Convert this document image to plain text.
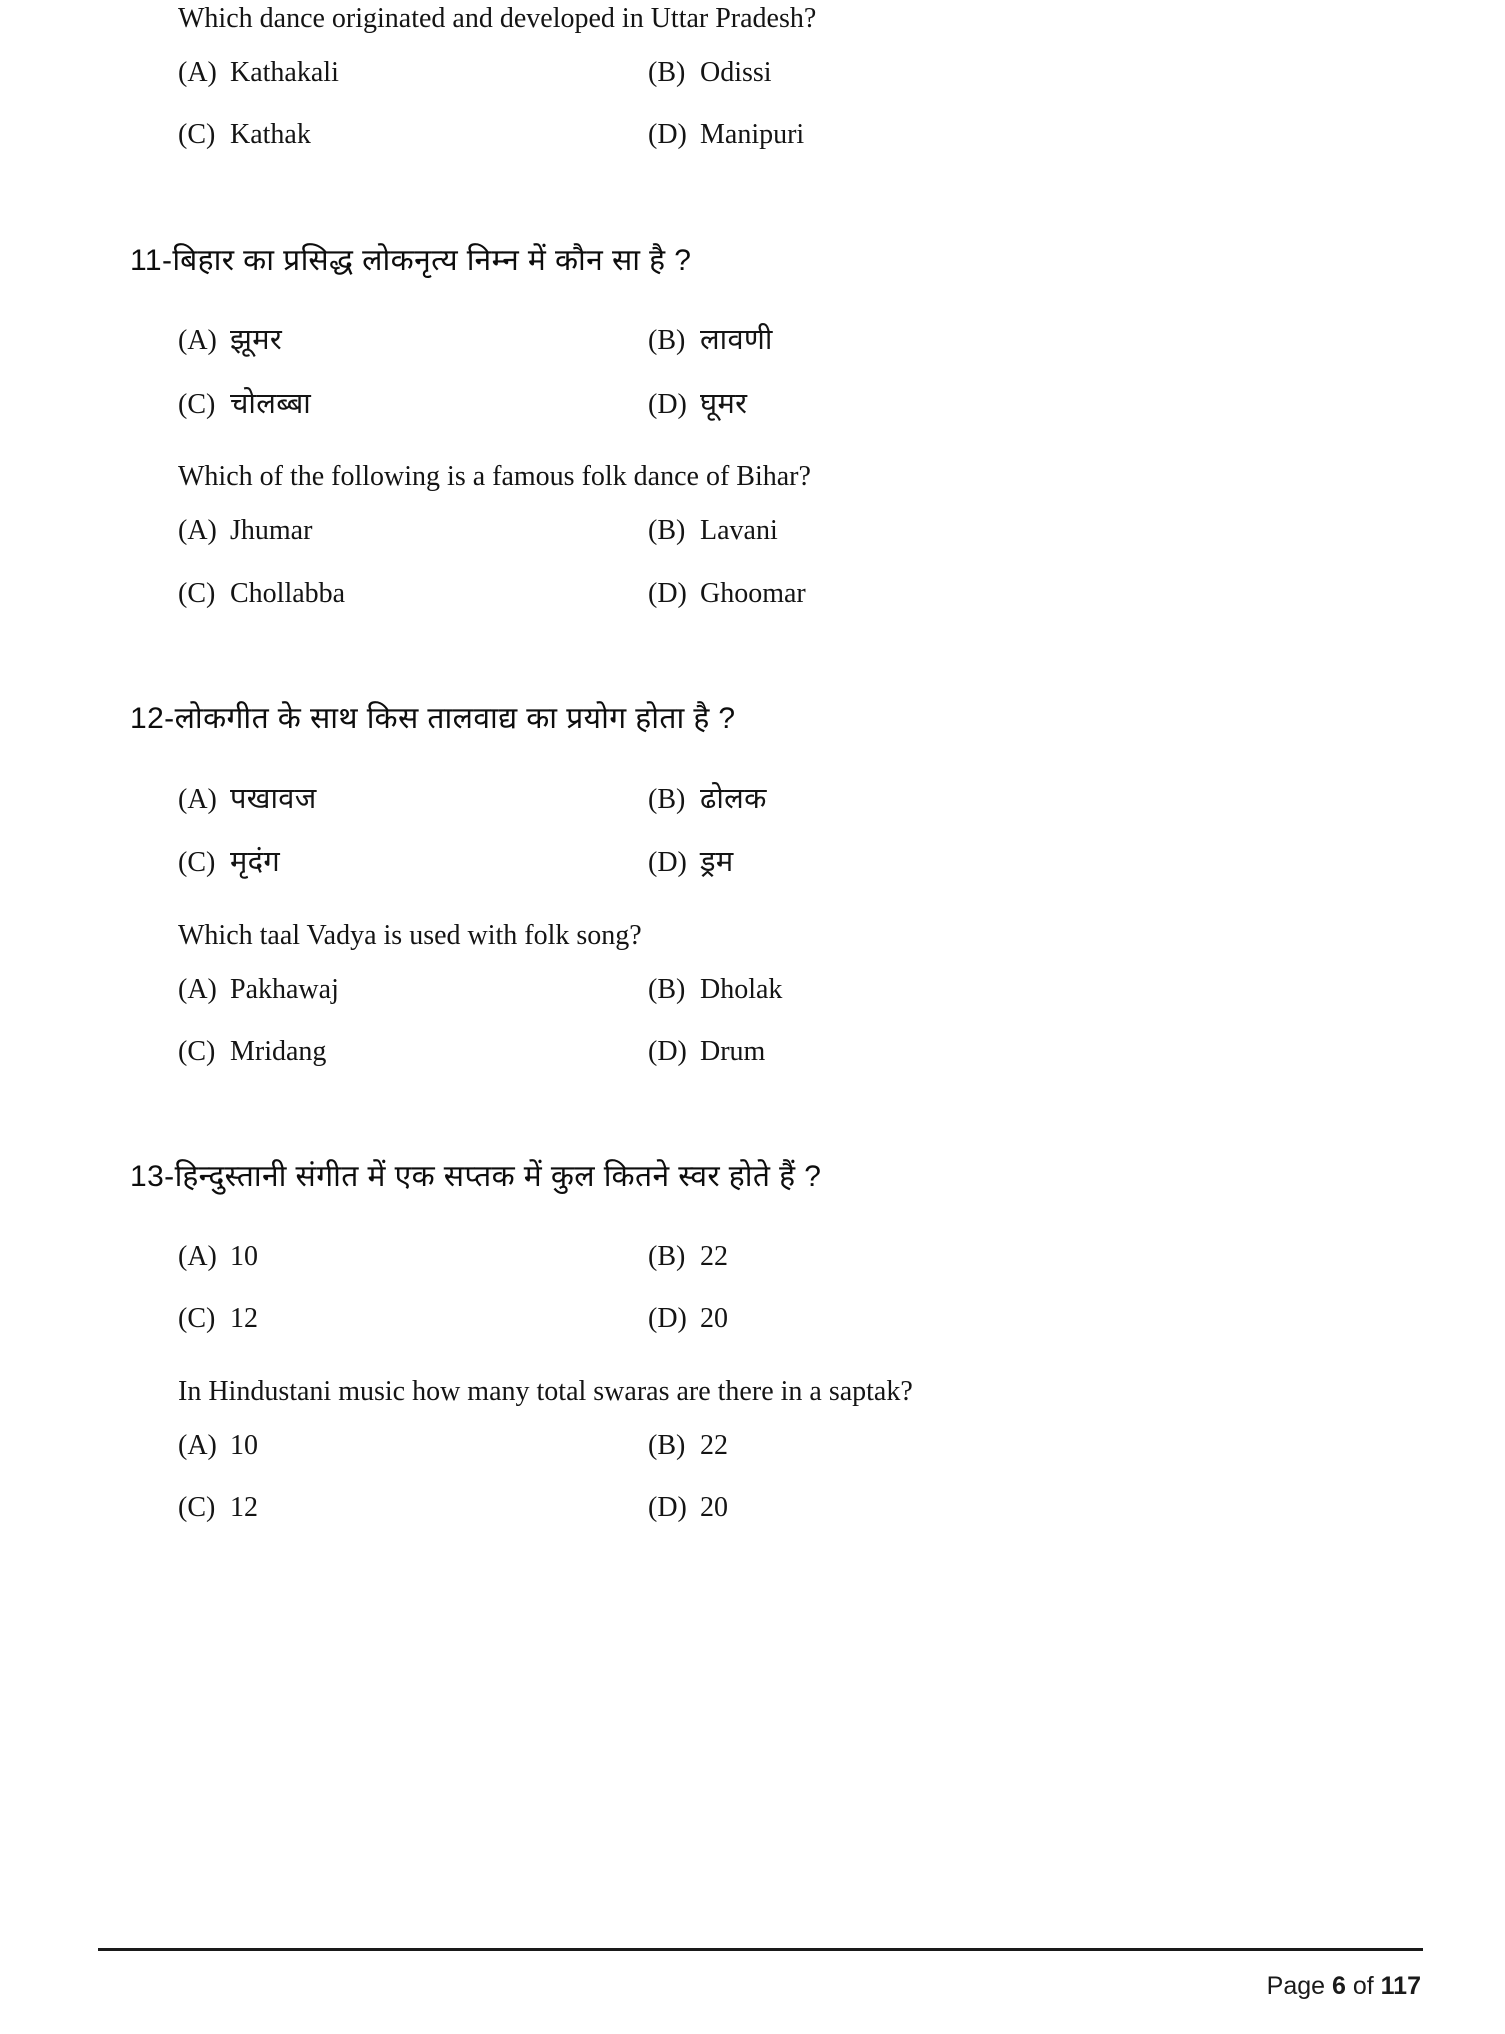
Which dance originated and developed in Uttar Pradesh?
(A) Kathakali	(B) Odissi
(C) Kathak	(D) Manipuri
11-बिहार का प्रसिद्ध लोकनृत्य निम्न में कौन सा है ?
(A) झूमर	(B) लावणी
(C) चोलब्बा	(D) घूमर
Which of the following is a famous folk dance of Bihar?
(A) Jhumar	(B) Lavani
(C) Chollabba	(D) Ghoomar
12-लोकगीत के साथ किस तालवाद्य का प्रयोग होता है ?
(A) पखावज	(B) ढोलक
(C) मृदंग	(D) ड्रम
Which taal Vadya is used with folk song?
(A) Pakhawaj	(B) Dholak
(C) Mridang	(D) Drum
13-हिन्दुस्तानी संगीत में एक सप्तक में कुल कितने स्वर होते हैं ?
(A) 10	(B) 22
(C) 12	(D) 20
In Hindustani music how many total swaras are there in a saptak?
(A) 10	(B) 22
(C) 12	(D) 20
Page 6 of 117
